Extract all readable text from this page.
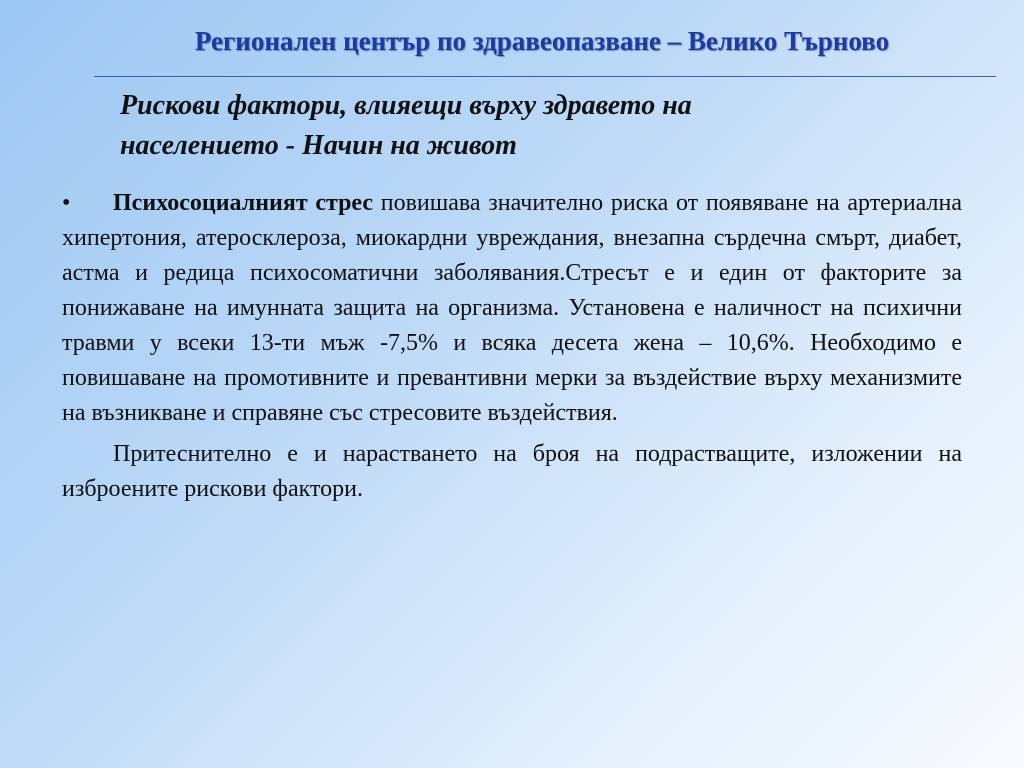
Регионален център по здравеопазване – Велико Търново
Рискови фактори, влияещи върху здравето на
населението - Начин на живот

• Психосоциалният стрес повишава значително риска от появяване на артериална хипертония, атеросклероза, миокардни увреждания, внезапна сърдечна смърт, диабет, астма и редица психосоматични заболявания.Стресът е и един от факторите за понижаване на имунната защита на организма. Установена е наличност на психични травми у всеки 13-ти мъж -7,5% и всяка десета жена – 10,6%. Необходимо е повишаване на промотивните и превантивни мерки за въздействие върху механизмите на възникване и справяне със стресовите въздействия.

Притеснително е и нарастването на броя на подрастващите, изложении на изброените рискови фактори.
